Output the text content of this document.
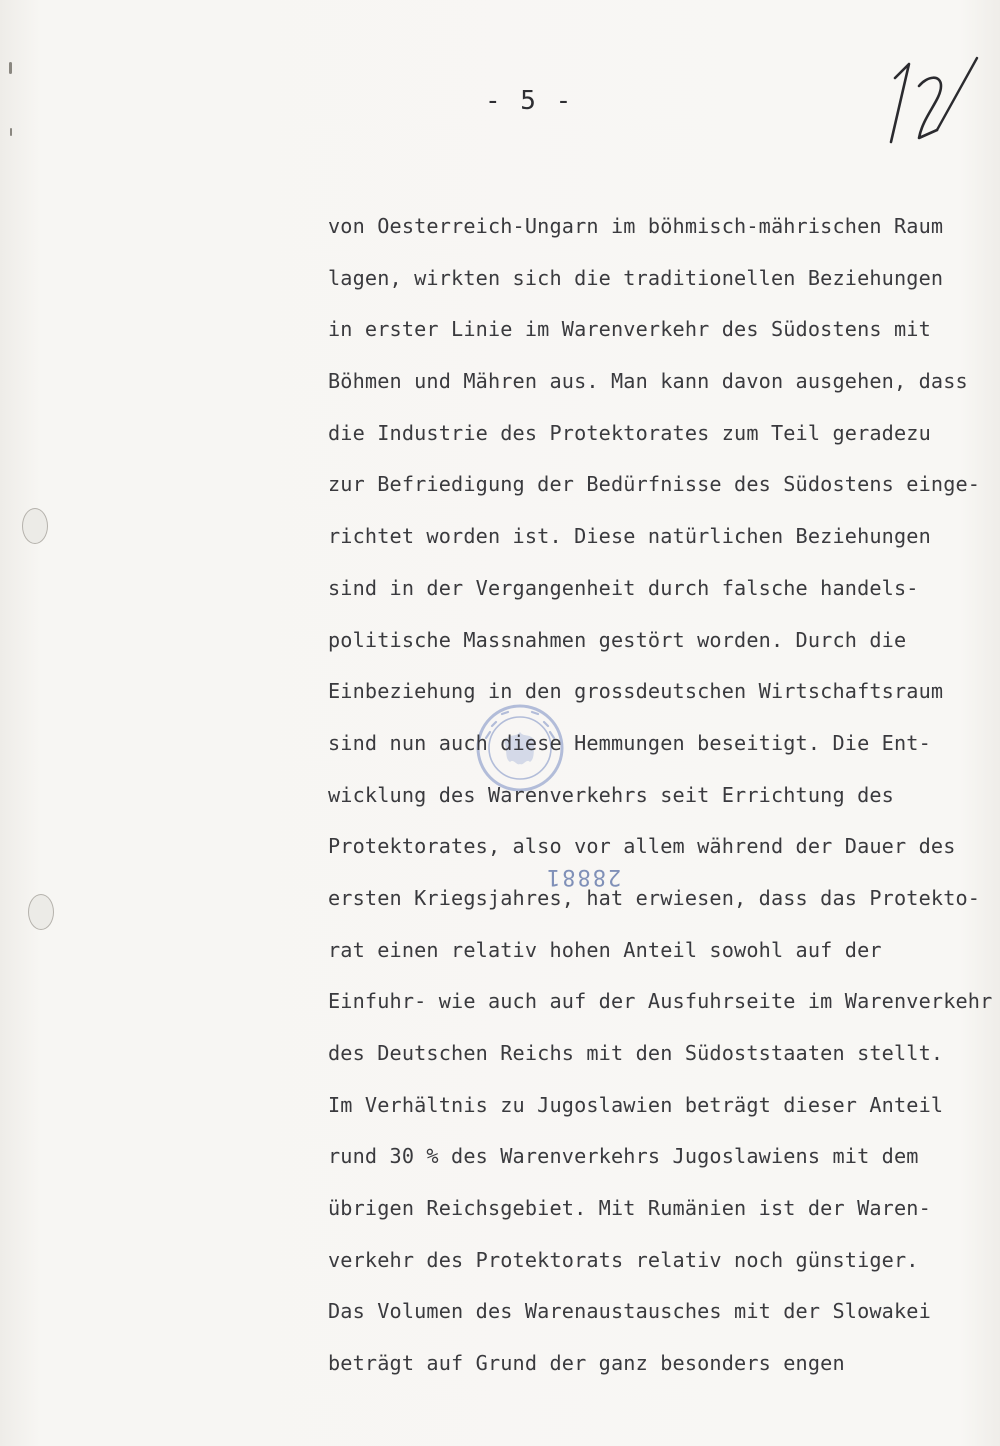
- 5 -
28881
von Oesterreich-Ungarn im böhmisch-mährischen Raum
lagen, wirkten sich die traditionellen Beziehungen
in erster Linie im Warenverkehr des Südostens mit
Böhmen und Mähren aus. Man kann davon ausgehen, dass
die Industrie des Protektorates zum Teil geradezu
zur Befriedigung der Bedürfnisse des Südostens einge-
richtet worden ist. Diese natürlichen Beziehungen
sind in der Vergangenheit durch falsche handels-
politische Massnahmen gestört worden. Durch die
Einbeziehung in den grossdeutschen Wirtschaftsraum
sind nun auch diese Hemmungen beseitigt. Die Ent-
wicklung des Warenverkehrs seit Errichtung des
Protektorates, also vor allem während der Dauer des
ersten Kriegsjahres, hat erwiesen, dass das Protekto-
rat einen relativ hohen Anteil sowohl auf der
Einfuhr- wie auch auf der Ausfuhrseite im Warenverkehr
des Deutschen Reichs mit den Südoststaaten stellt.
Im Verhältnis zu Jugoslawien beträgt dieser Anteil
rund 30 % des Warenverkehrs Jugoslawiens mit dem
übrigen Reichsgebiet. Mit Rumänien ist der Waren-
verkehr des Protektorats relativ noch günstiger.
Das Volumen des Warenaustausches mit der Slowakei
beträgt auf Grund der ganz besonders engen
